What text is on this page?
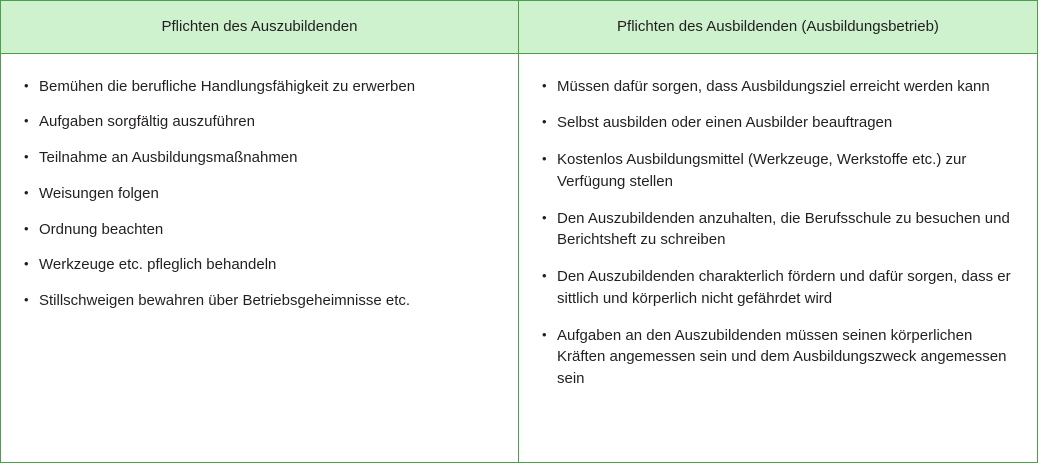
Pflichten des Auszubildenden	Pflichten des Ausbildenden (Ausbildungsbetrieb)
• Bemühen die berufliche Handlungsfähigkeit zu erwerben
• Aufgaben sorgfältig auszuführen
• Teilnahme an Ausbildungsmaßnahmen
• Weisungen folgen
• Ordnung beachten
• Werkzeuge etc. pfleglich behandeln
• Stillschweigen bewahren über Betriebsgeheimnisse etc.
• Müssen dafür sorgen, dass Ausbildungsziel erreicht werden kann
• Selbst ausbilden oder einen Ausbilder beauftragen
• Kostenlos Ausbildungsmittel (Werkzeuge, Werkstoffe etc.) zur Verfügung stellen
• Den Auszubildenden anzuhalten, die Berufsschule zu besuchen und Berichtsheft zu schreiben
• Den Auszubildenden charakterlich fördern und dafür sorgen, dass er sittlich und körperlich nicht gefährdet wird
• Aufgaben an den Auszubildenden müssen seinen körperlichen Kräften angemessen sein und dem Ausbildungszweck angemessen sein
